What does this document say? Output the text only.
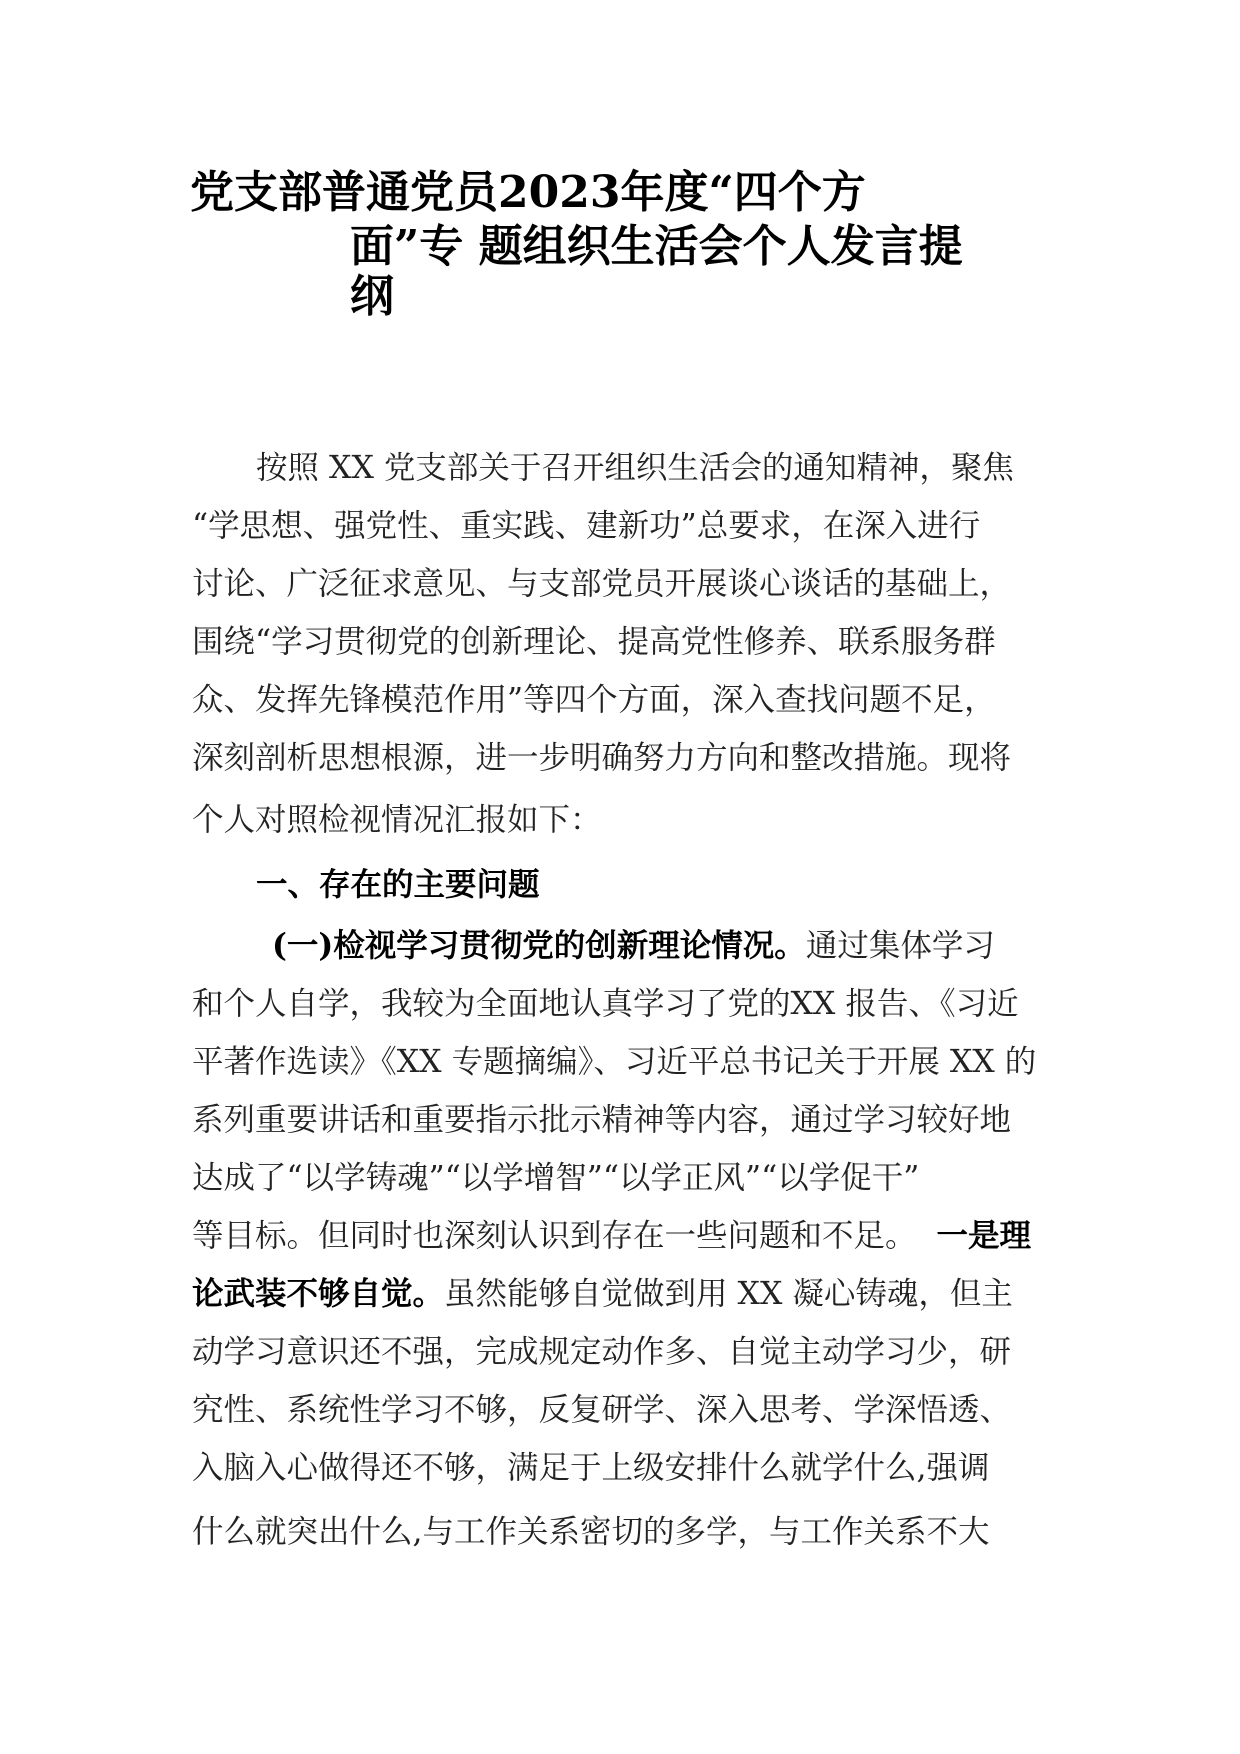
党支部普通党员2023年度“四个方
面”专 题组织生活会个人发言提
纲
按照 XX 党支部关于召开组织生活会的通知精神，聚焦
“学思想、强党性、重实践、建新功”总要求，在深入进行
讨论、广泛征求意见、与支部党员开展谈心谈话的基础上，
围绕“学习贯彻党的创新理论、提高党性修养、联系服务群
众、发挥先锋模范作用”等四个方面，深入查找问题不足，
深刻剖析思想根源，进一步明确努力方向和整改措施。现将
个人对照检视情况汇报如下：
一、存在的主要问题
(一)检视学习贯彻党的创新理论情况。通过集体学习
和个人自学，我较为全面地认真学习了党的XX 报告、《习近
平著作选读》《XX 专题摘编》、习近平总书记关于开展 XX 的
系列重要讲话和重要指示批示精神等内容，通过学习较好地
达成了“以学铸魂”“以学增智”“以学正风”“以学促干”
等目标。但同时也深刻认识到存在一些问题和不足。 一是理
论武装不够自觉。虽然能够自觉做到用 XX 凝心铸魂，但主
动学习意识还不强，完成规定动作多、自觉主动学习少，研
究性、系统性学习不够，反复研学、深入思考、学深悟透、
入脑入心做得还不够，满足于上级安排什么就学什么,强调
什么就突出什么,与工作关系密切的多学，与工作关系不大
